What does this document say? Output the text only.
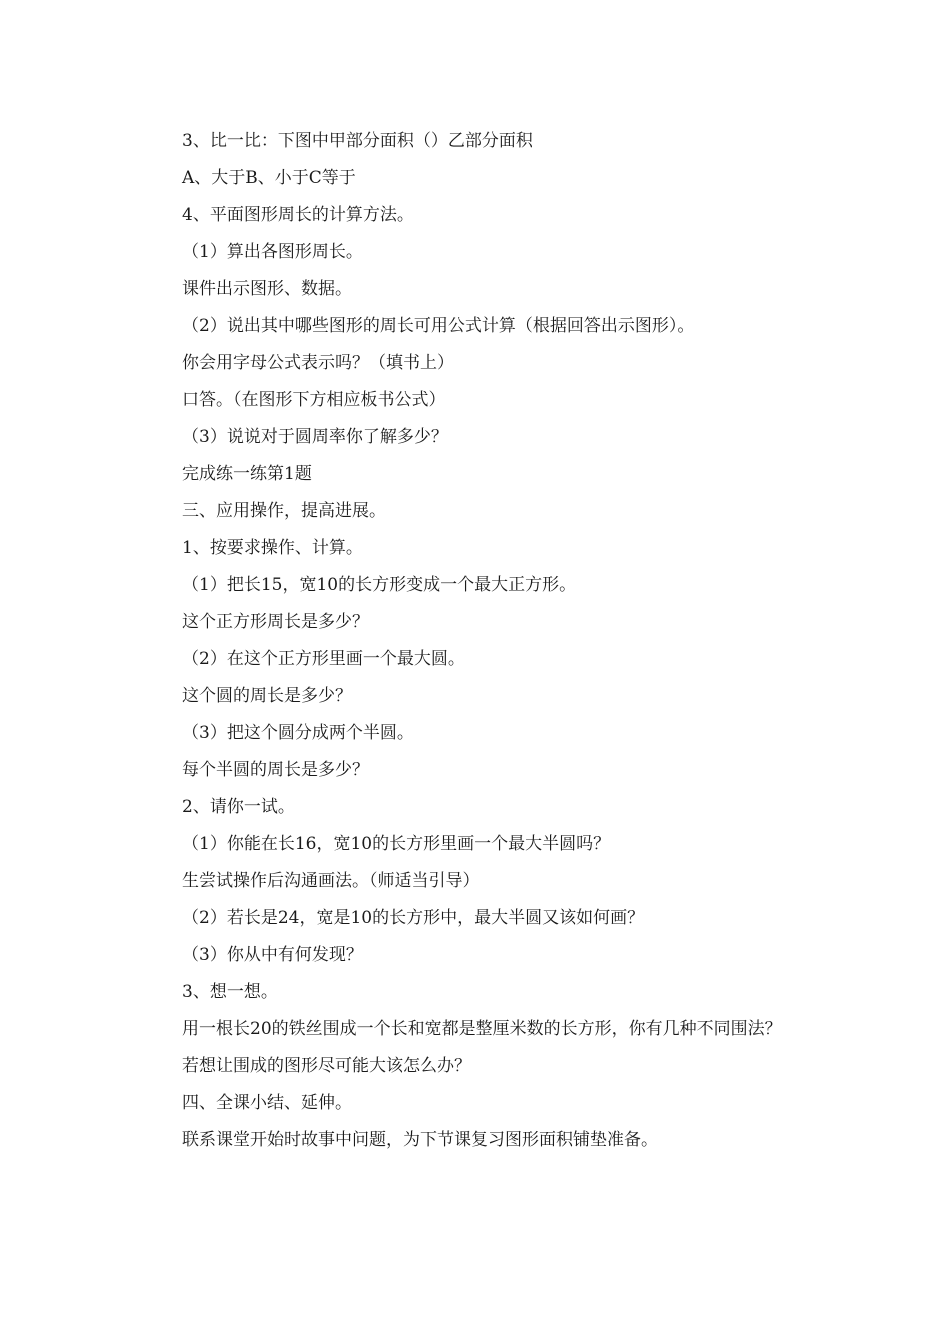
3、比一比：下图中甲部分面积（）乙部分面积

A、大于B、小于C等于

4、平面图形周长的计算方法。

（1）算出各图形周长。

课件出示图形、数据。

（2）说出其中哪些图形的周长可用公式计算（根据回答出示图形）。

你会用字母公式表示吗？（填书上）

口答。（在图形下方相应板书公式）

（3）说说对于圆周率你了解多少？

完成练一练第1题

三、应用操作，提高进展。

1、按要求操作、计算。

（1）把长15，宽10的长方形变成一个最大正方形。

这个正方形周长是多少？

（2）在这个正方形里画一个最大圆。

这个圆的周长是多少？

（3）把这个圆分成两个半圆。

每个半圆的周长是多少？

2、请你一试。

（1）你能在长16，宽10的长方形里画一个最大半圆吗？

生尝试操作后沟通画法。（师适当引导）

（2）若长是24，宽是10的长方形中，最大半圆又该如何画？

（3）你从中有何发现？

3、想一想。

用一根长20的铁丝围成一个长和宽都是整厘米数的长方形，你有几种不同围法？

若想让围成的图形尽可能大该怎么办？

四、全课小结、延伸。

联系课堂开始时故事中问题，为下节课复习图形面积铺垫准备。
